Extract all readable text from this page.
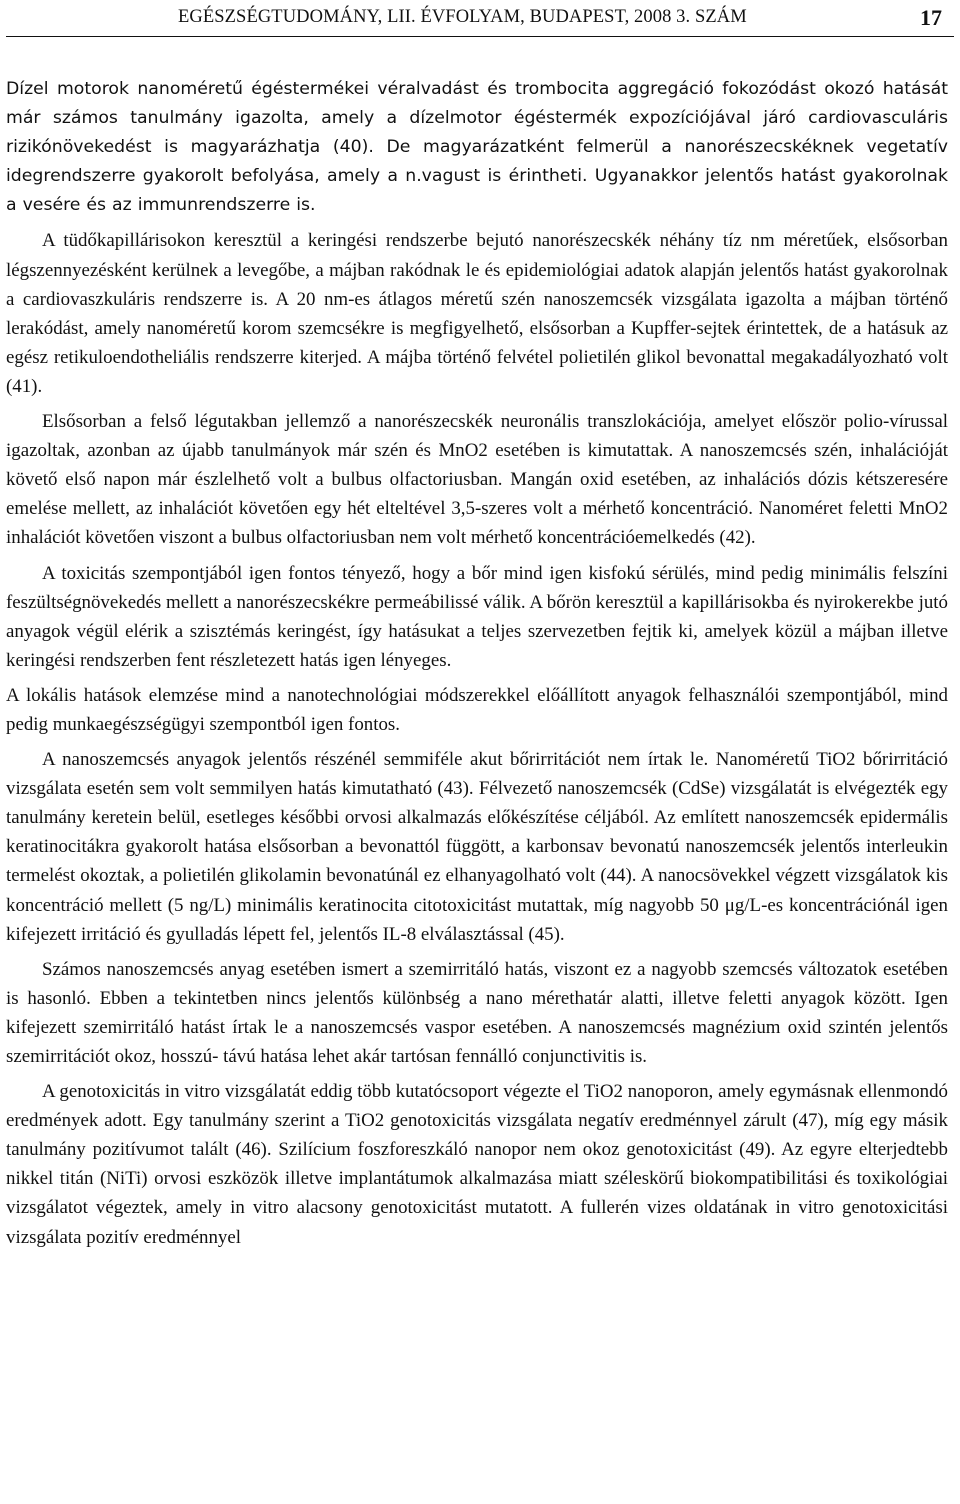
EGÉSZSÉGTUDOMÁNY, LII. ÉVFOLYAM, BUDAPEST, 2008 3. SZÁM	17

Dízel motorok nanoméretű égéstermékei véralvadást és trombocita aggregáció fokozódást okozó hatását már számos tanulmány igazolta, amely a dízelmotor égéstermék expozíciójával járó cardiovasculáris rizikónövekedést is magyarázhatja (40). De magyarázatként felmerül a nanorészecskéknek vegetatív idegrendszerre gyakorolt befolyása, amely a n.vagust is érintheti. Ugyanakkor jelentős hatást gyakorolnak a vesére és az immunrendszerre is.

A tüdőkapillárisokon keresztül a keringési rendszerbe bejutó nanorészecskék néhány tíz nm méretűek, elsősorban légszennyezésként kerülnek a levegőbe, a májban rakódnak le és epidemiológiai adatok alapján jelentős hatást gyakorolnak a cardiovaszkuláris rendszerre is. A 20 nm-es átlagos méretű szén nanoszemcsék vizsgálata igazolta a májban történő lerakódást, amely nanoméretű korom szemcsékre is megfigyelhető, elsősorban a Kupffer-sejtek érintettek, de a hatásuk az egész retikuloendotheliális rendszerre kiterjed. A májba történő felvétel polietilén glikol bevonattal megakadályozható volt (41).

Elsősorban a felső légutakban jellemző a nanorészecskék neuronális transzlokációja, amelyet először polio-vírussal igazoltak, azonban az újabb tanulmányok már szén és MnO2 esetében is kimutattak. A nanoszemcsés szén, inhalációját követő első napon már észlelhető volt a bulbus olfactoriusban. Mangán oxid esetében, az inhalációs dózis kétszeresére emelése mellett, az inhalációt követően egy hét elteltével 3,5-szeres volt a mérhető koncentráció. Nanoméret feletti MnO2 inhalációt követően viszont a bulbus olfactoriusban nem volt mérhető koncentrációemelkedés (42).

A toxicitás szempontjából igen fontos tényező, hogy a bőr mind igen kisfokú sérülés, mind pedig minimális felszíni feszültségnövekedés mellett a nanorészecskékre permeábilissé válik. A bőrön keresztül a kapillárisokba és nyirokerekbe jutó anyagok végül elérik a szisztémás keringést, így hatásukat a teljes szervezetben fejtik ki, amelyek közül a májban illetve keringési rendszerben fent részletezett hatás igen lényeges.

A lokális hatások elemzése mind a nanotechnológiai módszerekkel előállított anyagok felhasználói szempontjából, mind pedig munkaegészségügyi szempontból igen fontos.

A nanoszemcsés anyagok jelentős részénél semmiféle akut bőrirritációt nem írtak le. Nanoméretű TiO2 bőrirritáció vizsgálata esetén sem volt semmilyen hatás kimutatható (43). Félvezető nanoszemcsék (CdSe) vizsgálatát is elvégezték egy tanulmány keretein belül, esetleges későbbi orvosi alkalmazás előkészítése céljából. Az említett nanoszemcsék epidermális keratinocitákra gyakorolt hatása elsősorban a bevonattól függött, a karbonsav bevonatú nanoszemcsék jelentős interleukin termelést okoztak, a polietilén glikolamin bevonatúnál ez elhanyagolható volt (44). A nanocsövekkel végzett vizsgálatok kis koncentráció mellett (5 ng/L) minimális keratinocita citotoxicitást mutattak, míg nagyobb 50 μg/L-es koncentrációnál igen kifejezett irritáció és gyulladás lépett fel, jelentős IL-8 elválasztással (45).

Számos nanoszemcsés anyag esetében ismert a szemirritáló hatás, viszont ez a nagyobb szemcsés változatok esetében is hasonló. Ebben a tekintetben nincs jelentős különbség a nano mérethatár alatti, illetve feletti anyagok között. Igen kifejezett szemirritáló hatást írtak le a nanoszemcsés vaspor esetében. A nanoszemcsés magnézium oxid szintén jelentős szemirritációt okoz, hosszú- távú hatása lehet akár tartósan fennálló conjunctivitis is.

A genotoxicitás in vitro vizsgálatát eddig több kutatócsoport végezte el TiO2 nanoporon, amely egymásnak ellenmondó eredmények adott. Egy tanulmány szerint a TiO2 genotoxicitás vizsgálata negatív eredménnyel zárult (47), míg egy másik tanulmány pozitívumot talált (46). Szilícium foszforeszkáló nanopor nem okoz genotoxicitást (49). Az egyre elterjedtebb nikkel titán (NiTi) orvosi eszközök illetve implantátumok alkalmazása miatt széleskörű biokompatibilitási és toxikológiai vizsgálatot végeztek, amely in vitro alacsony genotoxicitást mutatott. A fullerén vizes oldatának in vitro genotoxicitási vizsgálata pozitív eredménnyel
